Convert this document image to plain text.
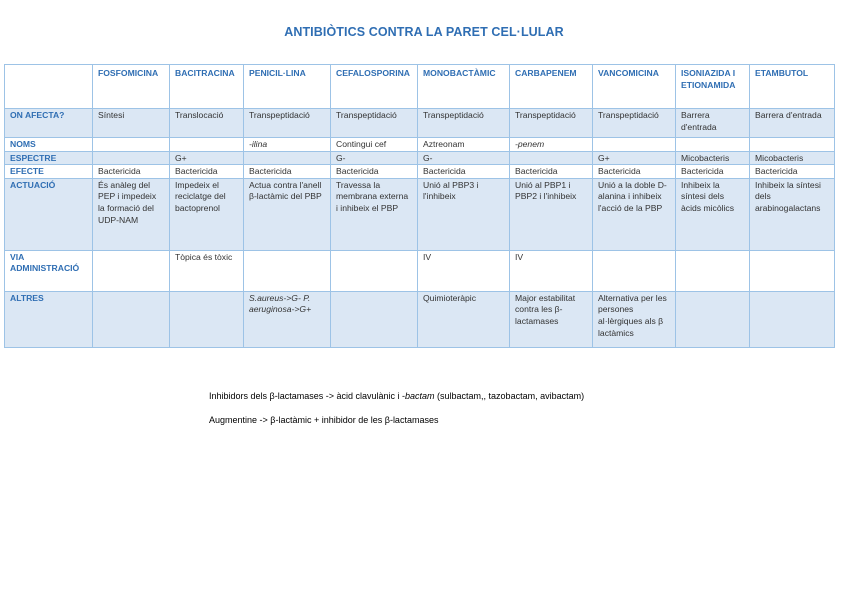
ANTIBIÒTICS CONTRA LA PARET CEL·LULAR
	FOSFOMICINA	BACITRACINA	PENICIL·LINA	CEFALOSPORINA	MONOBACTÀMIC	CARBAPENEM	VANCOMICINA	ISONIAZIDA I ETIONAMIDA	ETAMBUTOL
ON AFECTA?	Síntesi	Translocació	Transpeptidació	Transpeptidació	Transpeptidació	Transpeptidació	Transpeptidació	Barrera d'entrada	Barrera d'entrada
NOMS			-ilina	Contingui cef	Aztreonam	-penem			
ESPECTRE		G+		G-	G-		G+	Micobacteris	Micobacteris
EFECTE	Bactericida	Bactericida	Bactericida	Bactericida	Bactericida	Bactericida	Bactericida	Bactericida	Bactericida
ACTUACIÓ	És anàleg del PEP i impedeix la formació del UDP-NAM	Impedeix el reciclatge del bactoprenol	Actua contra l'anell β-lactàmic del PBP	Travessa la membrana externa i inhibeix el PBP	Unió al PBP3 i l'inhibeix	Unió al PBP1 i PBP2 i l'inhibeix	Unió a la doble D-alanina i inhibeix l'acció de la PBP	Inhibeix la síntesi dels àcids micòlics	Inhibeix la síntesi dels arabinogalactans
VIA ADMINISTRACIÓ		Tòpica és tòxic			IV	IV			
ALTRES			S.aureus->G- P. aeruginosa->G+		Quimioteràpic	Major estabilitat contra les β-lactamases	Alternativa per les persones al·lèrgiques als β lactàmics		
Inhibidors dels β-lactamases -> àcid clavulànic i -bactam (sulbactam,, tazobactam, avibactam)
Augmentine -> β-lactàmic + inhibidor de les β-lactamases
